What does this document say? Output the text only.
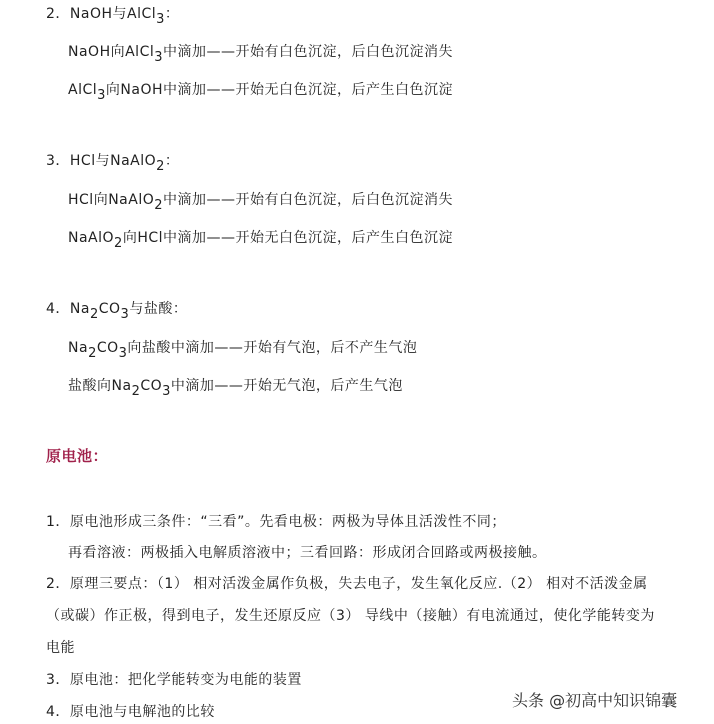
2．NaOH与AlCl$_3$：
NaOH向AlCl$_3$中滴加——开始有白色沉淀，后白色沉淀消失
AlCl$_3$向NaOH中滴加——开始无白色沉淀，后产生白色沉淀
3．HCl与NaAlO$_2$：
HCl向NaAlO$_2$中滴加——开始有白色沉淀，后白色沉淀消失
NaAlO$_2$向HCl中滴加——开始无白色沉淀，后产生白色沉淀
4．$Na_2CO_3$与盐酸：
$Na_2CO_3$向盐酸中滴加——开始有气泡，后不产生气泡
盐酸向$Na_2CO_3$中滴加——开始无气泡，后产生气泡
原电池：
1．原电池形成三条件：“三看”。先看电极：两极为导体且活泼性不同；
再看溶液：两极插入电解质溶液中；三看回路：形成闭合回路或两极接触。
2．原理三要点：（1） 相对活泼金属作负极，失去电子，发生氧化反应.（2） 相对不活泼金属
（或碳）作正极，得到电子，发生还原反应（3） 导线中（接触）有电流通过，使化学能转变为
电能
3．原电池：把化学能转变为电能的装置
4．原电池与电解池的比较
头条 @初高中知识锦囊
